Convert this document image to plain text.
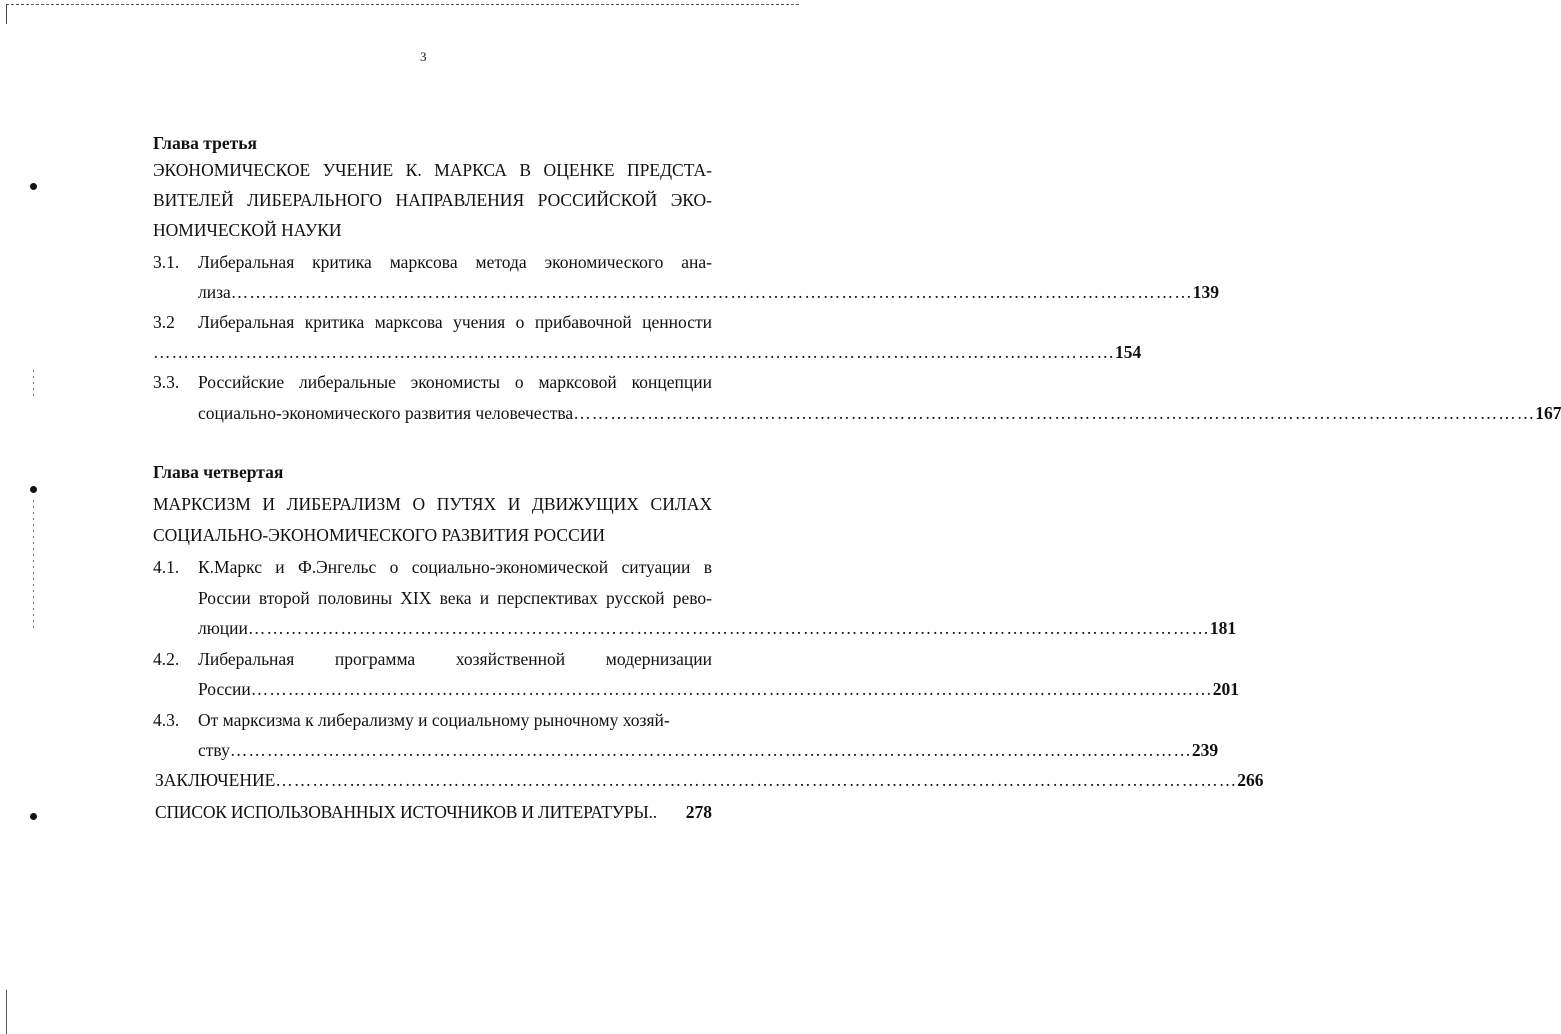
3
Глава третья
ЭКОНОМИЧЕСКОЕ УЧЕНИЕ К. МАРКСА В ОЦЕНКЕ ПРЕДСТА-
ВИТЕЛЕЙ ЛИБЕРАЛЬНОГО НАПРАВЛЕНИЯ РОССИЙСКОЙ ЭКО-
НОМИЧЕСКОЙ НАУКИ
3.1. Либеральная критика марксова метода экономического ана-
лиза ………………………………………………………………………………………………………………………………………… 139
3.2 Либеральная критика марксова учения о прибавочной ценности
………………………………………………………………………………………………………………………………………… 154
3.3. Российские либеральные экономисты о марксовой концепции
социально-экономического развития человечества ………………………………………………………………………………………………………………………………………… 167
Глава четвертая
МАРКСИЗМ И ЛИБЕРАЛИЗМ О ПУТЯХ И ДВИЖУЩИХ СИЛАХ
СОЦИАЛЬНО-ЭКОНОМИЧЕСКОГО РАЗВИТИЯ РОССИИ
4.1. К.Маркс и Ф.Энгельс о социально-экономической ситуации в
России второй половины XIX века и перспективах русской рево-
люции ………………………………………………………………………………………………………………………………………… 181
4.2. Либеральная программа хозяйственной модернизации
России ………………………………………………………………………………………………………………………………………… 201
4.3. От марксизма к либерализму и социальному рыночному хозяй-
ству ………………………………………………………………………………………………………………………………………… 239
ЗАКЛЮЧЕНИЕ ………………………………………………………………………………………………………………………………………… 266
СПИСОК ИСПОЛЬЗОВАННЫХ ИСТОЧНИКОВ И ЛИТЕРАТУРЫ..	278
